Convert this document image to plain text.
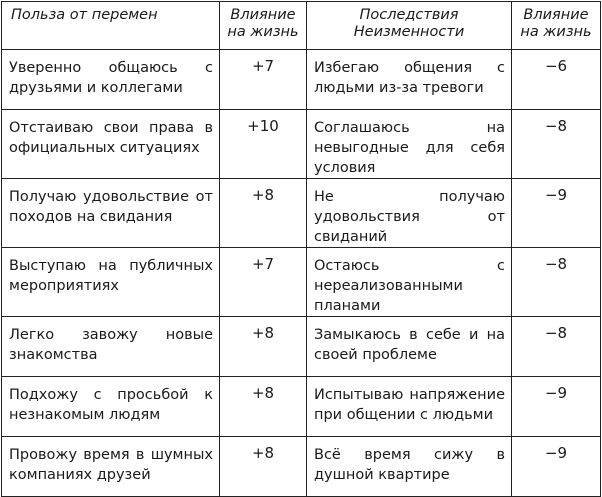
Польза от перемен	Влияние на жизнь	Последствия Неизменности	Влияние на жизнь
Уверенно общаюсь с друзьями и коллегами	+7	Избегаю общения с людьми из-за тревоги	−6
Отстаиваю свои права в официальных ситуациях	+10	Соглашаюсь на невыгодные для себя условия	−8
Получаю удовольствие от походов на свидания	+8	Не получаю удовольствия от свиданий	−9
Выступаю на публичных мероприятиях	+7	Остаюсь с нереализованными планами	−8
Легко завожу новые знакомства	+8	Замыкаюсь в себе и на своей проблеме	−8
Подхожу с просьбой к незнакомым людям	+8	Испытываю напряжение при общении с людьми	−9
Провожу время в шумных компаниях друзей	+8	Всё время сижу в душной квартире	−9
